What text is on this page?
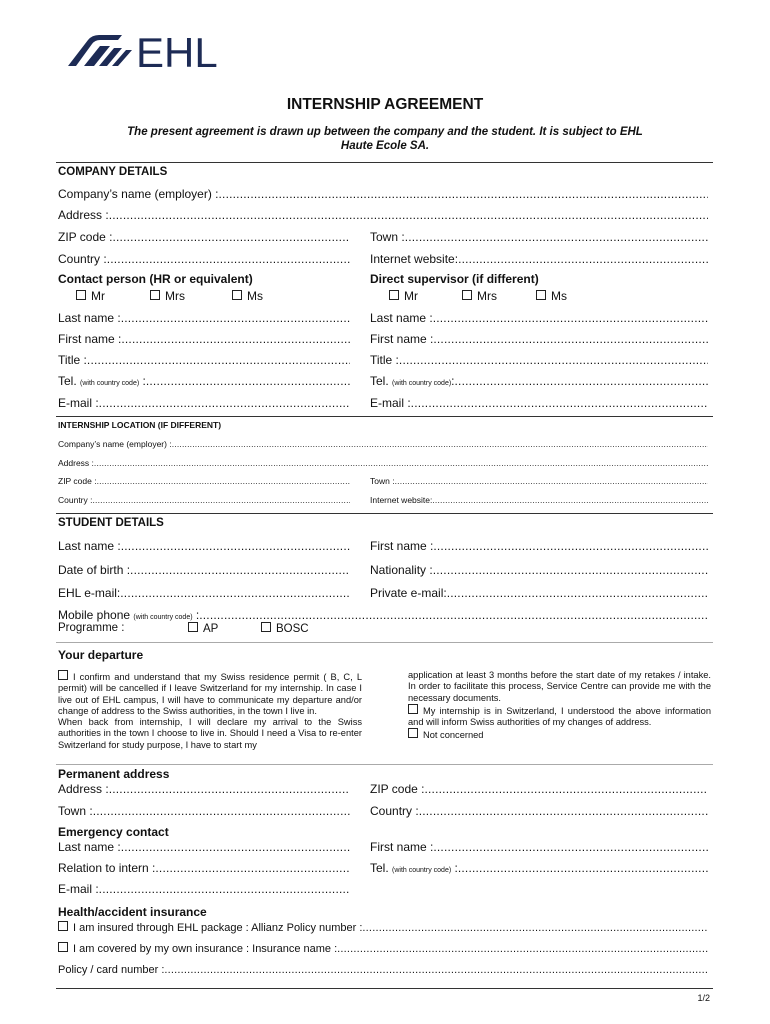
EHL
INTERNSHIP AGREEMENT
The present agreement is drawn up between the company and the student. It is subject to EHL Haute Ecole SA.
COMPANY DETAILS
Company’s name (employer) :
.....
Address :
.....
ZIP code : .....	Town :
.....
Country : .....	Internet website:
.....
Contact person (HR or equivalent)	Direct supervisor (if different)
Mr	Mrs	Ms	Mr	Mrs	Ms
Last name : .....	Last name :
.....
First name : .....	First name :
.....
Title : .....	Title :
.....
Tel. (with country code) : .....	Tel. (with country code):
.....
E-mail : .....	E-mail :
.....
INTERNSHIP LOCATION (IF DIFFERENT)
Company’s name (employer) :
.....
Address :
.....
ZIP code : .....	Town :
.....
Country : .....	Internet website:
.....
STUDENT DETAILS
Last name : .....	First name :
.....
Date of birth : .....	Nationality :
.....
EHL e-mail: .....	Private e-mail:
.....
Mobile phone (with country code) :
.....
Programme :	AP	BOSC
Your departure
I confirm and understand that my Swiss residence permit ( B, C, L permit) will be cancelled if I leave Switzerland for my internship. In case I live out of EHL campus, I will have to communicate my departure and/or change of address to the Swiss authorities, in the town I live in.
When back from internship, I will declare my arrival to the Swiss authorities in the town I choose to live in. Should I need a Visa to re-enter Switzerland for study purpose, I have to start my
application at least 3 months before the start date of my retakes / intake. In order to facilitate this process, Service Centre can provide me with the necessary documents.
My internship is in Switzerland, I understood the above information and will inform Swiss authorities of my changes of address.
Not concerned
Permanent address
Address : .....	ZIP code :
.....
Town : .....	Country :
.....
Emergency contact
Last name : .....	First name :
.....
Relation to intern : .....	Tel. (with country code) :
.....
E-mail :
.....
Health/accident insurance
I am insured through EHL package : Allianz Policy number :
.....
I am covered by my own insurance : Insurance name :
.....
Policy / card number :
.....
1/2
